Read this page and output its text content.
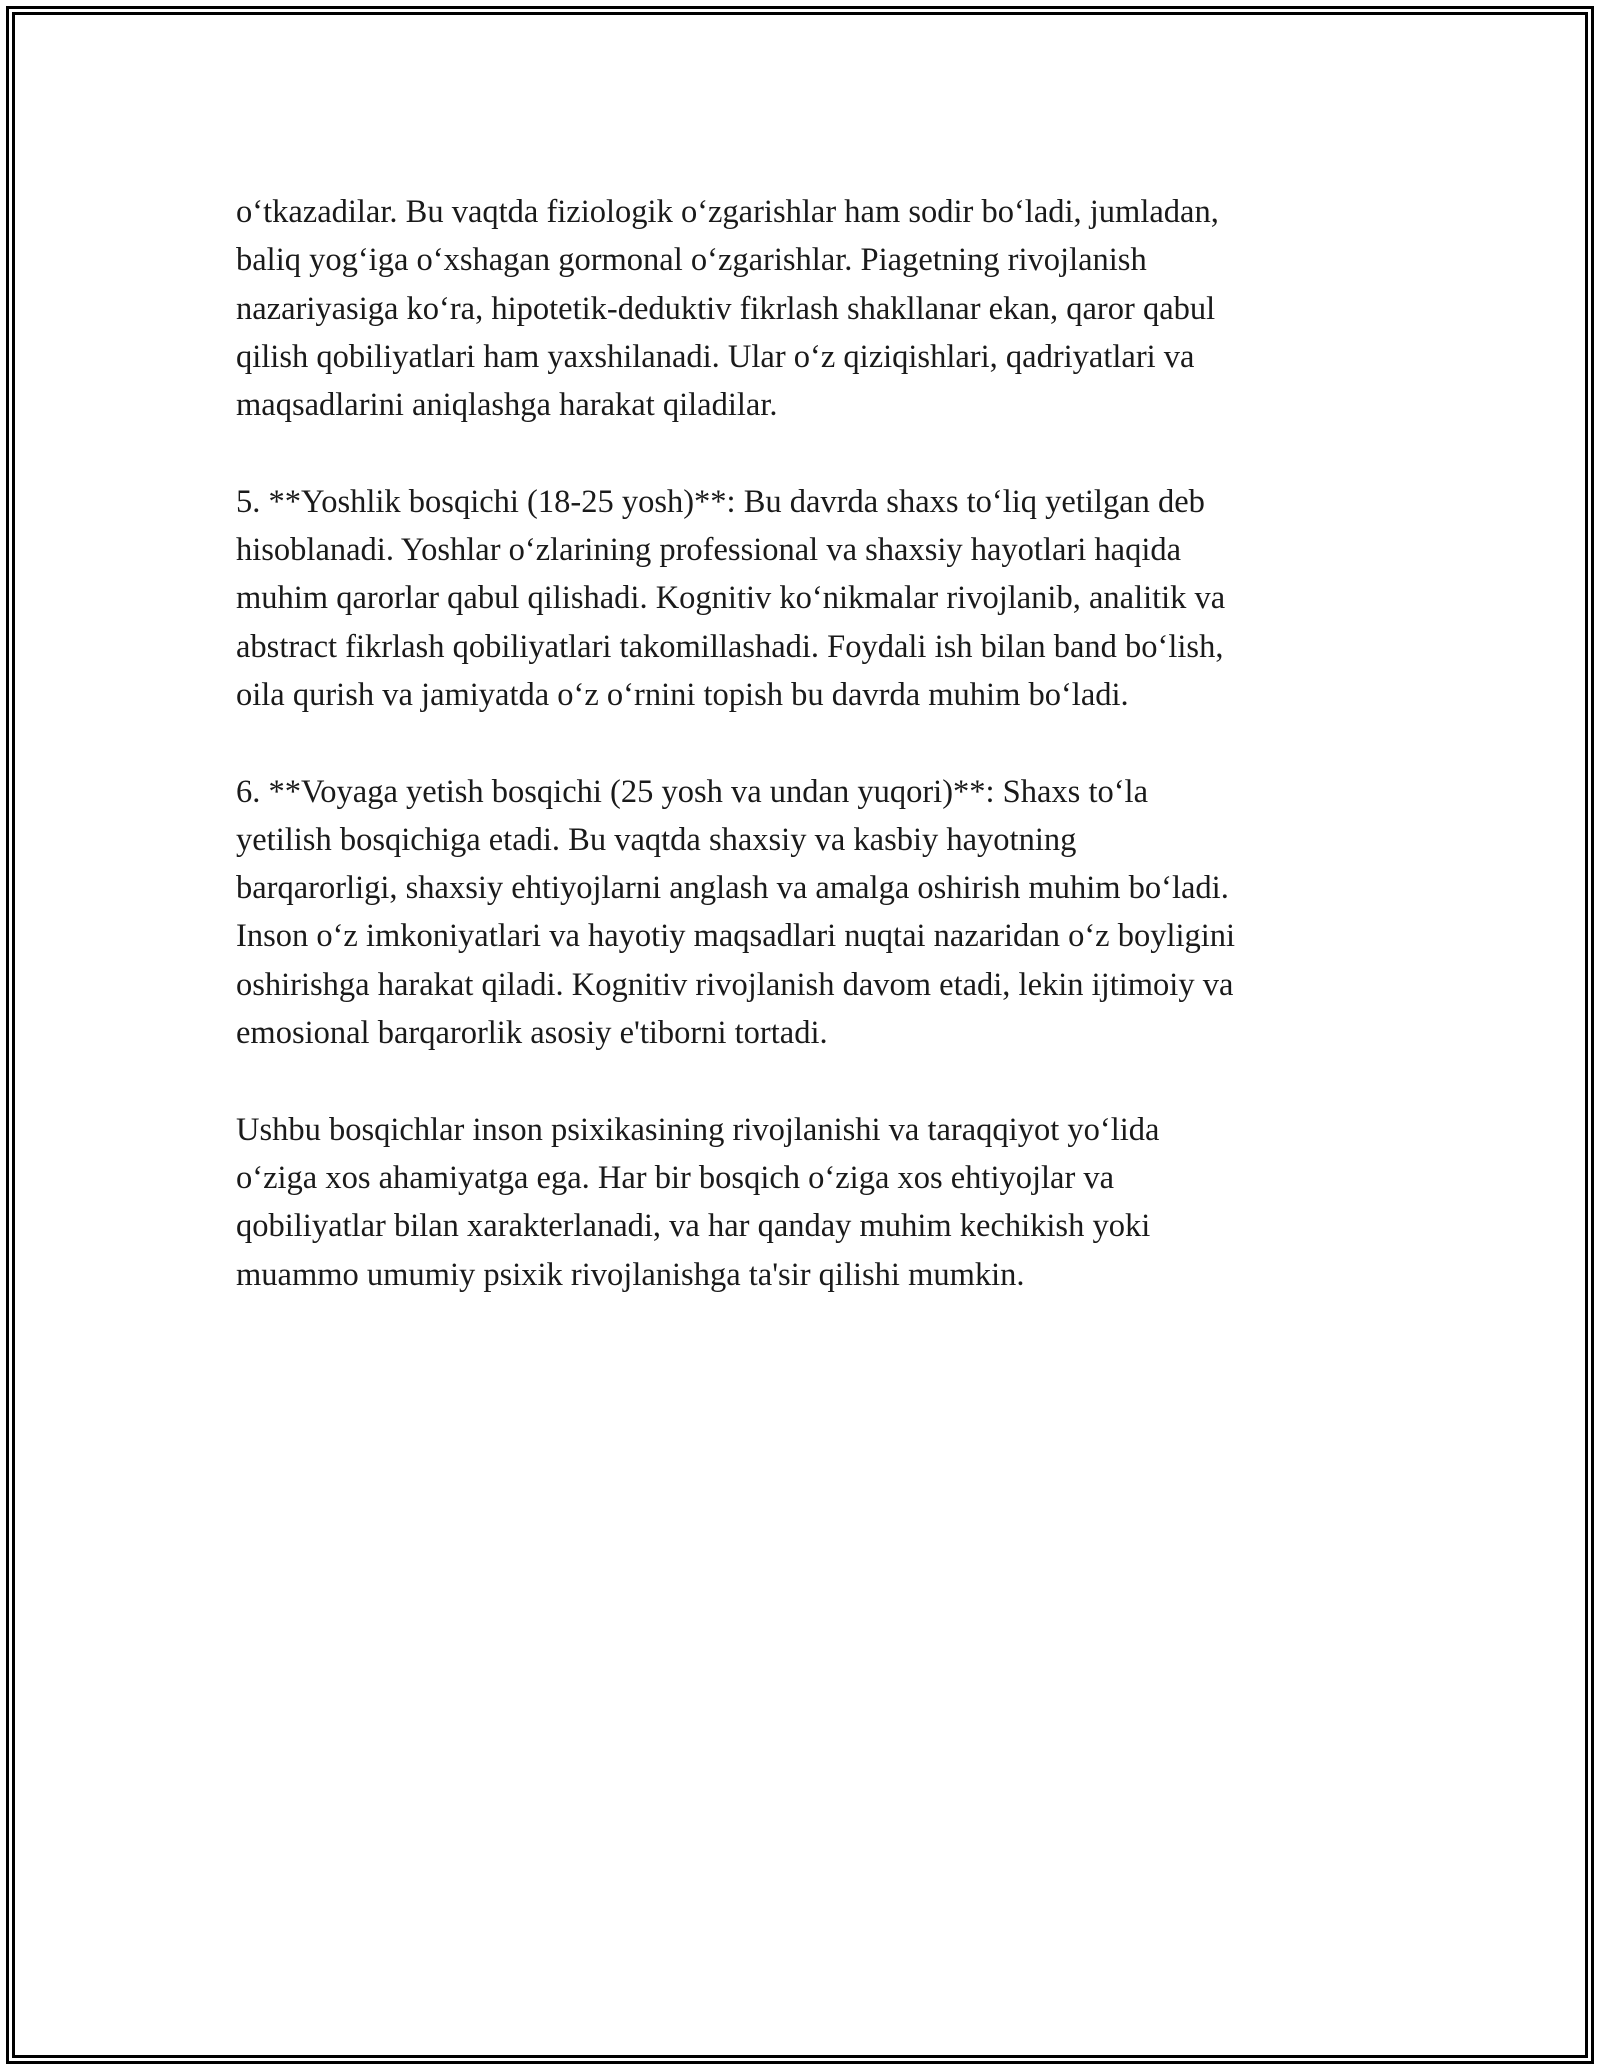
oʻtkazadilar. Bu vaqtda fiziologik oʻzgarishlar ham sodir boʻladi, jumladan,
baliq yogʻiga oʻxshagan gormonal oʻzgarishlar. Piagetning rivojlanish
nazariyasiga koʻra, hipotetik-deduktiv fikrlash shakllanar ekan, qaror qabul
qilish qobiliyatlari ham yaxshilanadi. Ular oʻz qiziqishlari, qadriyatlari va
maqsadlarini aniqlashga harakat qiladilar.

5. **Yoshlik bosqichi (18-25 yosh)**: Bu davrda shaxs toʻliq yetilgan deb
hisoblanadi. Yoshlar oʻzlarining professional va shaxsiy hayotlari haqida
muhim qarorlar qabul qilishadi. Kognitiv koʻnikmalar rivojlanib, analitik va
abstract fikrlash qobiliyatlari takomillashadi. Foydali ish bilan band boʻlish,
oila qurish va jamiyatda oʻz oʻrnini topish bu davrda muhim boʻladi.

6. **Voyaga yetish bosqichi (25 yosh va undan yuqori)**: Shaxs toʻla
yetilish bosqichiga etadi. Bu vaqtda shaxsiy va kasbiy hayotning
barqarorligi, shaxsiy ehtiyojlarni anglash va amalga oshirish muhim boʻladi.
Inson oʻz imkoniyatlari va hayotiy maqsadlari nuqtai nazaridan oʻz boyligini
oshirishga harakat qiladi. Kognitiv rivojlanish davom etadi, lekin ijtimoiy va
emosional barqarorlik asosiy e'tiborni tortadi.

Ushbu bosqichlar inson psixikasining rivojlanishi va taraqqiyot yoʻlida
oʻziga xos ahamiyatga ega. Har bir bosqich oʻziga xos ehtiyojlar va
qobiliyatlar bilan xarakterlanadi, va har qanday muhim kechikish yoki
muammo umumiy psixik rivojlanishga ta'sir qilishi mumkin.
